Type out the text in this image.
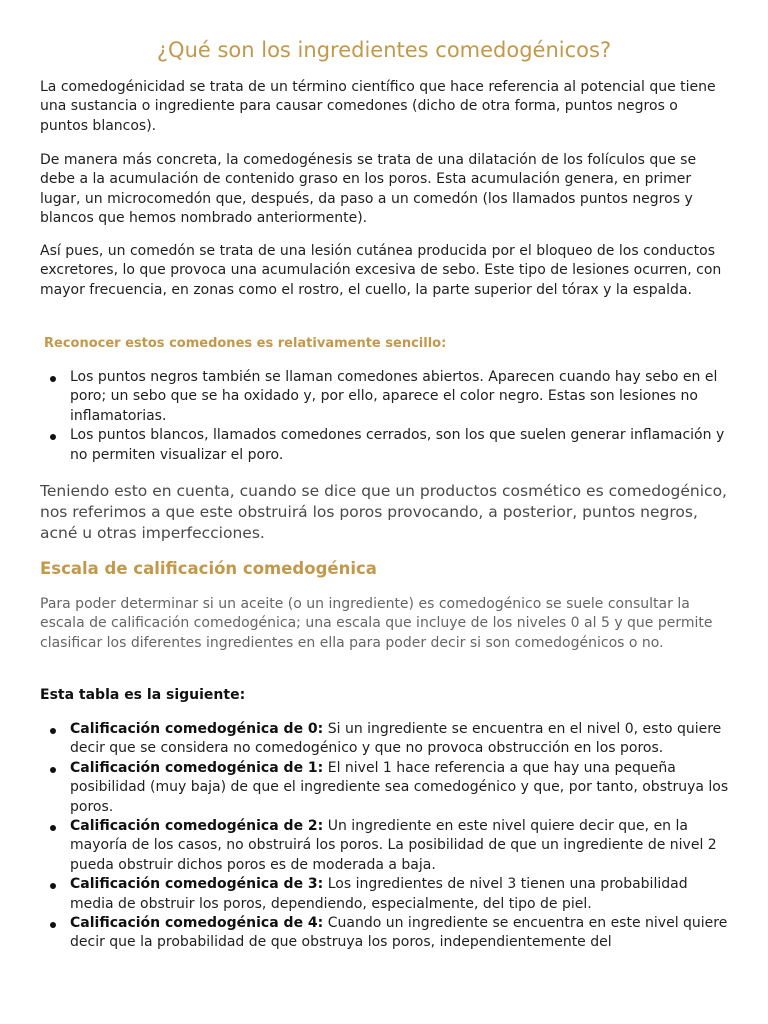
¿Qué son los ingredientes comedogénicos?

La comedogénicidad se trata de un término científico que hace referencia al potencial que tiene una sustancia o ingrediente para causar comedones (dicho de otra forma, puntos negros o puntos blancos).

De manera más concreta, la comedogénesis se trata de una dilatación de los folículos que se debe a la acumulación de contenido graso en los poros. Esta acumulación genera, en primer lugar, un microcomedón que, después, da paso a un comedón (los llamados puntos negros y blancos que hemos nombrado anteriormente).

Así pues, un comedón se trata de una lesión cutánea producida por el bloqueo de los conductos excretores, lo que provoca una acumulación excesiva de sebo. Este tipo de lesiones ocurren, con mayor frecuencia, en zonas como el rostro, el cuello, la parte superior del tórax y la espalda.

Reconocer estos comedones es relativamente sencillo:

Los puntos negros también se llaman comedones abiertos. Aparecen cuando hay sebo en el poro; un sebo que se ha oxidado y, por ello, aparece el color negro. Estas son lesiones no inflamatorias.
Los puntos blancos, llamados comedones cerrados, son los que suelen generar inflamación y no permiten visualizar el poro.

Teniendo esto en cuenta, cuando se dice que un productos cosmético es comedogénico, nos referimos a que este obstruirá los poros provocando, a posterior, puntos negros, acné u otras imperfecciones.

Escala de calificación comedogénica

Para poder determinar si un aceite (o un ingrediente) es comedogénico se suele consultar la escala de calificación comedogénica; una escala que incluye de los niveles 0 al 5 y que permite clasificar los diferentes ingredientes en ella para poder decir si son comedogénicos o no.

Esta tabla es la siguiente:

Calificación comedogénica de 0: Si un ingrediente se encuentra en el nivel 0, esto quiere decir que se considera no comedogénico y que no provoca obstrucción en los poros.
Calificación comedogénica de 1: El nivel 1 hace referencia a que hay una pequeña posibilidad (muy baja) de que el ingrediente sea comedogénico y que, por tanto, obstruya los poros.
Calificación comedogénica de 2: Un ingrediente en este nivel quiere decir que, en la mayoría de los casos, no obstruirá los poros. La posibilidad de que un ingrediente de nivel 2 pueda obstruir dichos poros es de moderada a baja.
Calificación comedogénica de 3: Los ingredientes de nivel 3 tienen una probabilidad media de obstruir los poros, dependiendo, especialmente, del tipo de piel.
Calificación comedogénica de 4: Cuando un ingrediente se encuentra en este nivel quiere decir que la probabilidad de que obstruya los poros, independientemente del
